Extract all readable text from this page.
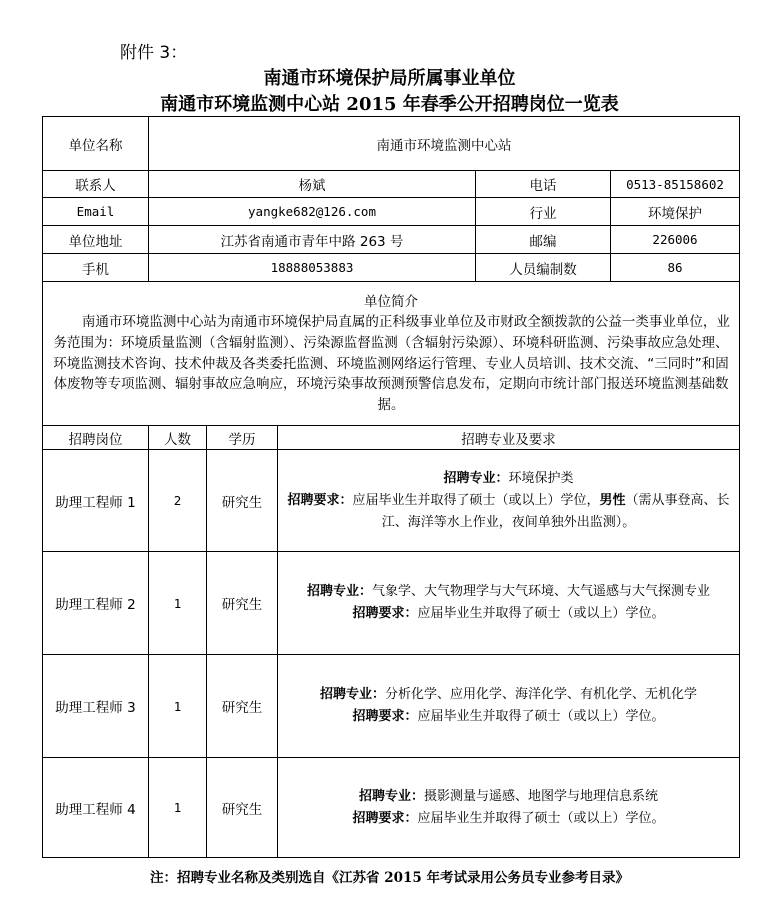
附件 3：
南通市环境保护局所属事业单位
南通市环境监测中心站 2015 年春季公开招聘岗位一览表
单位名称	南通市环境监测中心站				
联系人	杨斌			电话	0513-85158602
Email	yangke682@126.com			行业	环境保护
单位地址	江苏省南通市青年中路 263 号			邮编	226006
手机	18888053883			人员编制数	86

单位简介

南通市环境监测中心站为南通市环境保护局直属的正科级事业单位及市财政全额拨款的公益一类事业单位，业务范围为：环境质量监测（含辐射监测）、污染源监督监测（含辐射污染源）、环境科研监测、污染事故应急处理、环境监测技术咨询、技术仲裁及各类委托监测、环境监测网络运行管理、专业人员培训、技术交流、“三同时”和固体废物等专项监测、辐射事故应急响应，环境污染事故预测预警信息发布，定期向市统计部门报送环境监测基础数据。					

招聘岗位	人数	学历	招聘专业及要求		
助理工程师 1	2	研究生	招聘专业：环境保护类
招聘要求：应届毕业生并取得了硕士（或以上）学位，男性（需从事登高、长江、海洋等水上作业，夜间单独外出监测）。		

助理工程师 2	1	研究生	招聘专业：气象学、大气物理学与大气环境、大气遥感与大气探测专业
招聘要求：应届毕业生并取得了硕士（或以上）学位。		

助理工程师 3	1	研究生	招聘专业：分析化学、应用化学、海洋化学、有机化学、无机化学
招聘要求：应届毕业生并取得了硕士（或以上）学位。		

助理工程师 4	1	研究生	招聘专业：摄影测量与遥感、地图学与地理信息系统
招聘要求：应届毕业生并取得了硕士（或以上）学位。		
注：招聘专业名称及类别选自《江苏省 2015 年考试录用公务员专业参考目录》
